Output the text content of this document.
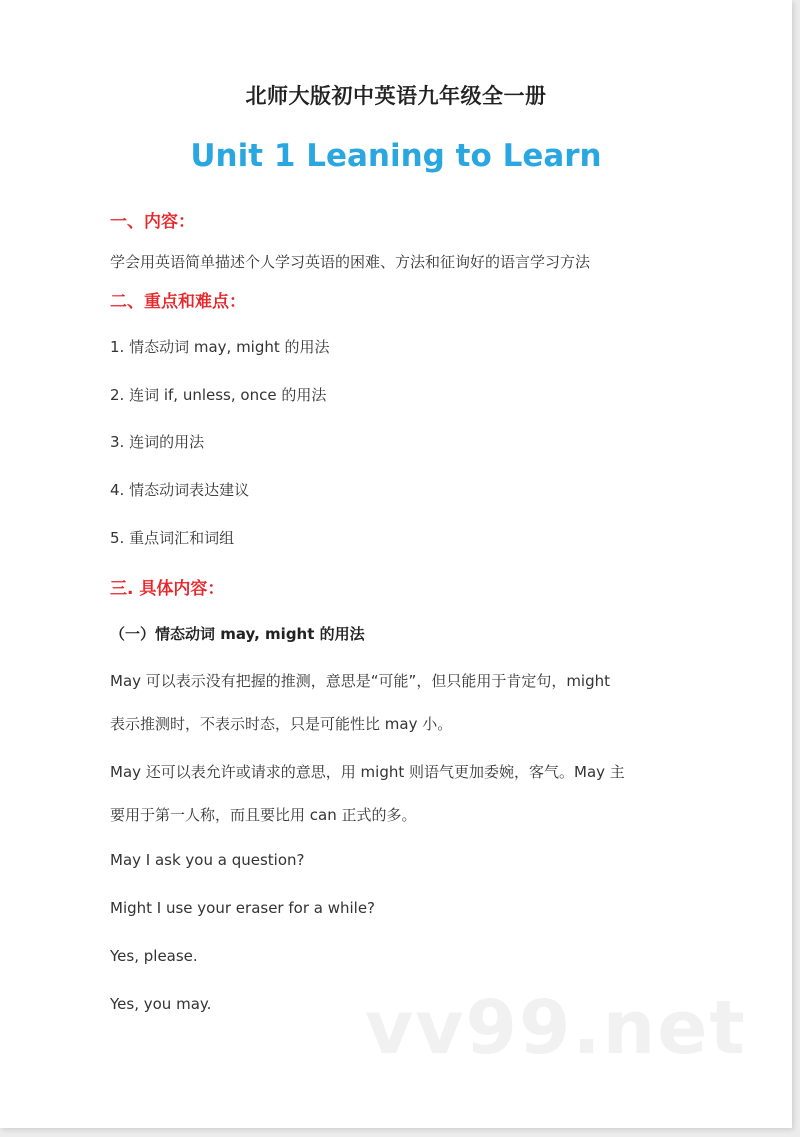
北师大版初中英语九年级全一册
Unit 1 Leaning to Learn
一、内容：
学会用英语简单描述个人学习英语的困难、方法和征询好的语言学习方法
二、重点和难点：
1. 情态动词 may, might 的用法
2. 连词 if, unless, once 的用法
3. 连词的用法
4. 情态动词表达建议
5. 重点词汇和词组
三. 具体内容：
（一）情态动词 may, might 的用法
May 可以表示没有把握的推测，意思是“可能”，但只能用于肯定句，might
表示推测时，不表示时态，只是可能性比 may 小。
May 还可以表允许或请求的意思，用 might 则语气更加委婉，客气。May 主
要用于第一人称，而且要比用 can 正式的多。
May I ask you a question?
Might I use your eraser for a while?
Yes, please.
Yes, you may. vv99.net
